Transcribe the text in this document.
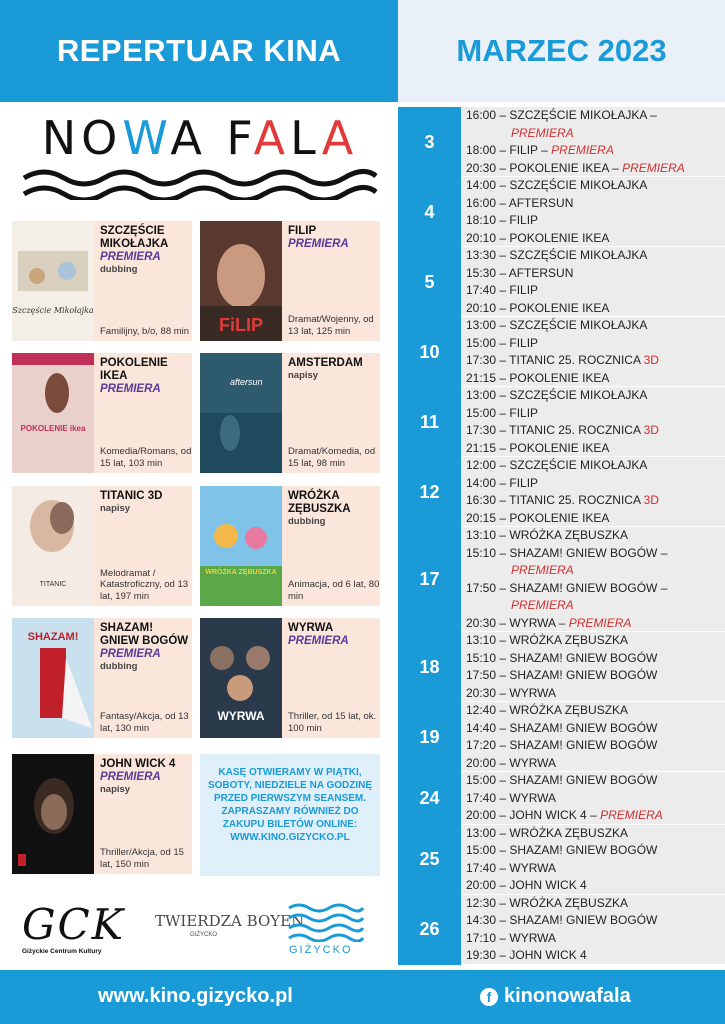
REPERTUAR KINA	MARZEC 2023
NOWA FALA
Szczęście Mikołajka
SZCZĘŚCIE MIKOŁAJKA
PREMIERA
dubbing
Familijny, b/o, 88 min FiLIP
FILIP
PREMIERA
Dramat/Wojenny, od 13 lat, 125 min
POKOLENIE ikea
POKOLENIE IKEA
PREMIERA
Komedia/Romans, od 15 lat, 103 min
aftersun
AMSTERDAM
napisy
Dramat/Komedia, od 15 lat, 98 min
TITANIC
TITANIC 3D
napisy
Melodramat / Katastroficzny, od 13 lat, 197 min
WRÓŻKA ZĘBUSZKA
WRÓŻKA ZĘBUSZKA
dubbing
Animacja, od 6 lat, 80 min
SHAZAM!
SHAZAM! GNIEW BOGÓW
PREMIERA
dubbing
Fantasy/Akcja, od 13 lat, 130 min
WYRWA
WYRWA
PREMIERA
Thriller, od 15 lat, ok. 100 min
JOHN WICK 4
PREMIERA
napisy
Thriller/Akcja, od 15 lat, 150 min
KASĘ OTWIERAMY W PIĄTKI, SOBOTY, NIEDZIELE NA GODZINĘ PRZED PIERWSZYM SEANSEM. ZAPRASZAMY RÓWNIEŻ DO ZAKUPU BILETÓW ONLINE: WWW.KINO.GIZYCKO.PL
3
16:00 – SZCZĘŚCIE MIKOŁAJKA –
PREMIERA
18:00 – FILIP – PREMIERA
20:30 – POKOLENIE IKEA – PREMIERA
4
14:00 – SZCZĘŚCIE MIKOŁAJKA
16:00 – AFTERSUN
18:10 – FILIP
20:10 – POKOLENIE IKEA
5
13:30 – SZCZĘŚCIE MIKOŁAJKA
15:30 – AFTERSUN
17:40 – FILIP
20:10 – POKOLENIE IKEA
10
13:00 – SZCZĘŚCIE MIKOŁAJKA
15:00 – FILIP
17:30 – TITANIC 25. ROCZNICA 3D
21:15 – POKOLENIE IKEA
11
13:00 – SZCZĘŚCIE MIKOŁAJKA
15:00 – FILIP
17:30 – TITANIC 25. ROCZNICA 3D
21:15 – POKOLENIE IKEA
12
12:00 – SZCZĘŚCIE MIKOŁAJKA
14:00 – FILIP
16:30 – TITANIC 25. ROCZNICA 3D
20:15 – POKOLENIE IKEA
17
13:10 – WRÓŻKA ZĘBUSZKA
15:10 – SHAZAM! GNIEW BOGÓW –
PREMIERA
17:50 – SHAZAM! GNIEW BOGÓW –
PREMIERA
20:30 – WYRWA – PREMIERA
18
13:10 – WRÓŻKA ZĘBUSZKA
15:10 – SHAZAM! GNIEW BOGÓW
17:50 – SHAZAM! GNIEW BOGÓW
20:30 – WYRWA
19
12:40 – WRÓŻKA ZĘBUSZKA
14:40 – SHAZAM! GNIEW BOGÓW
17:20 – SHAZAM! GNIEW BOGÓW
20:00 – WYRWA
24
15:00 – SHAZAM! GNIEW BOGÓW
17:40 – WYRWA
20:00 – JOHN WICK 4 – PREMIERA
25
13:00 – WRÓŻKA ZĘBUSZKA
15:00 – SHAZAM! GNIEW BOGÓW
17:40 – WYRWA
20:00 – JOHN WICK 4
26
12:30 – WRÓŻKA ZĘBUSZKA
14:30 – SHAZAM! GNIEW BOGÓW
17:10 – WYRWA
19:30 – JOHN WICK 4
GCK
Giżyckie Centrum Kultury
TWIERDZA BOYEN
GIŻYCKO
GIŻYCKO
www.kino.gizycko.pl	f kinonowafala
